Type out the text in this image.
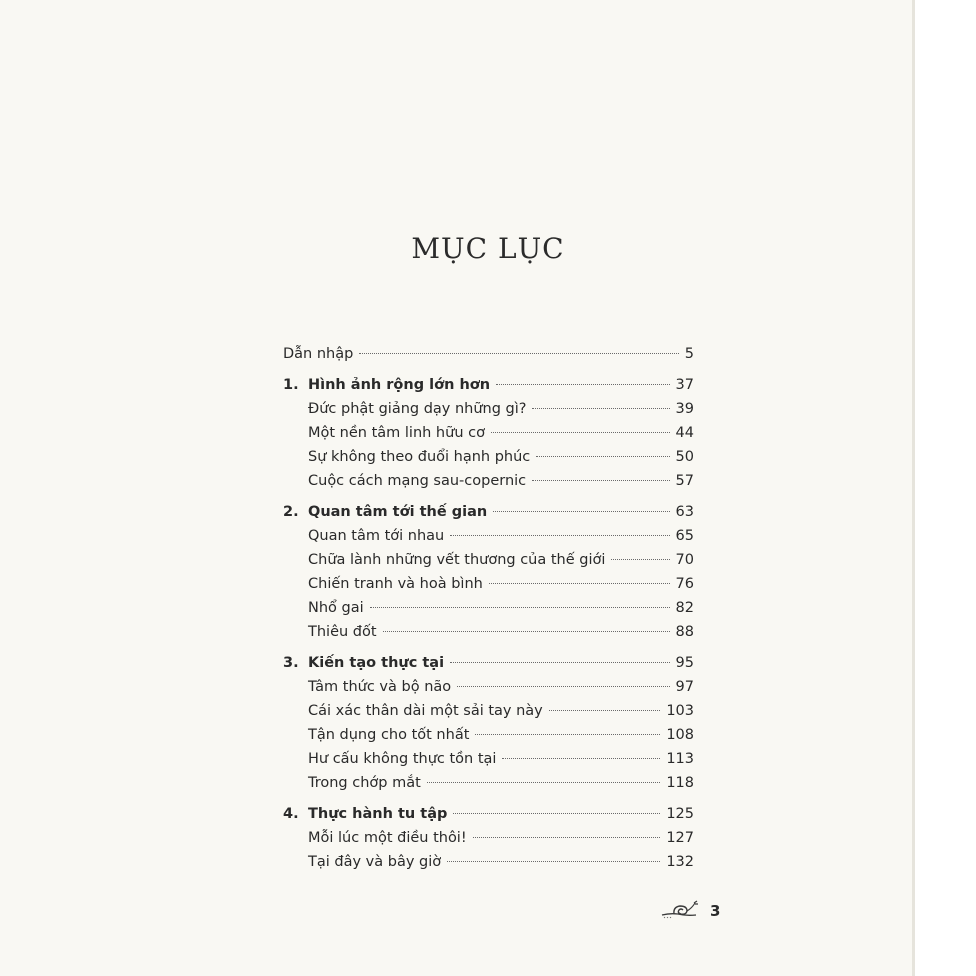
MỤC LỤC
Dẫn nhập	5
1. Hình ảnh rộng lớn hơn	37
Đức phật giảng dạy những gì?	39
Một nền tâm linh hữu cơ	44
Sự không theo đuổi hạnh phúc	50
Cuộc cách mạng sau-copernic	57
2. Quan tâm tới thế gian	63
Quan tâm tới nhau	65
Chữa lành những vết thương của thế giới	70
Chiến tranh và hoà bình	76
Nhổ gai	82
Thiêu đốt	88
3. Kiến tạo thực tại	95
Tâm thức và bộ não	97
Cái xác thân dài một sải tay này	103
Tận dụng cho tốt nhất	108
Hư cấu không thực tồn tại	113
Trong chớp mắt	118
4. Thực hành tu tập	125
Mỗi lúc một điều thôi!	127
Tại đây và bây giờ	132
3
